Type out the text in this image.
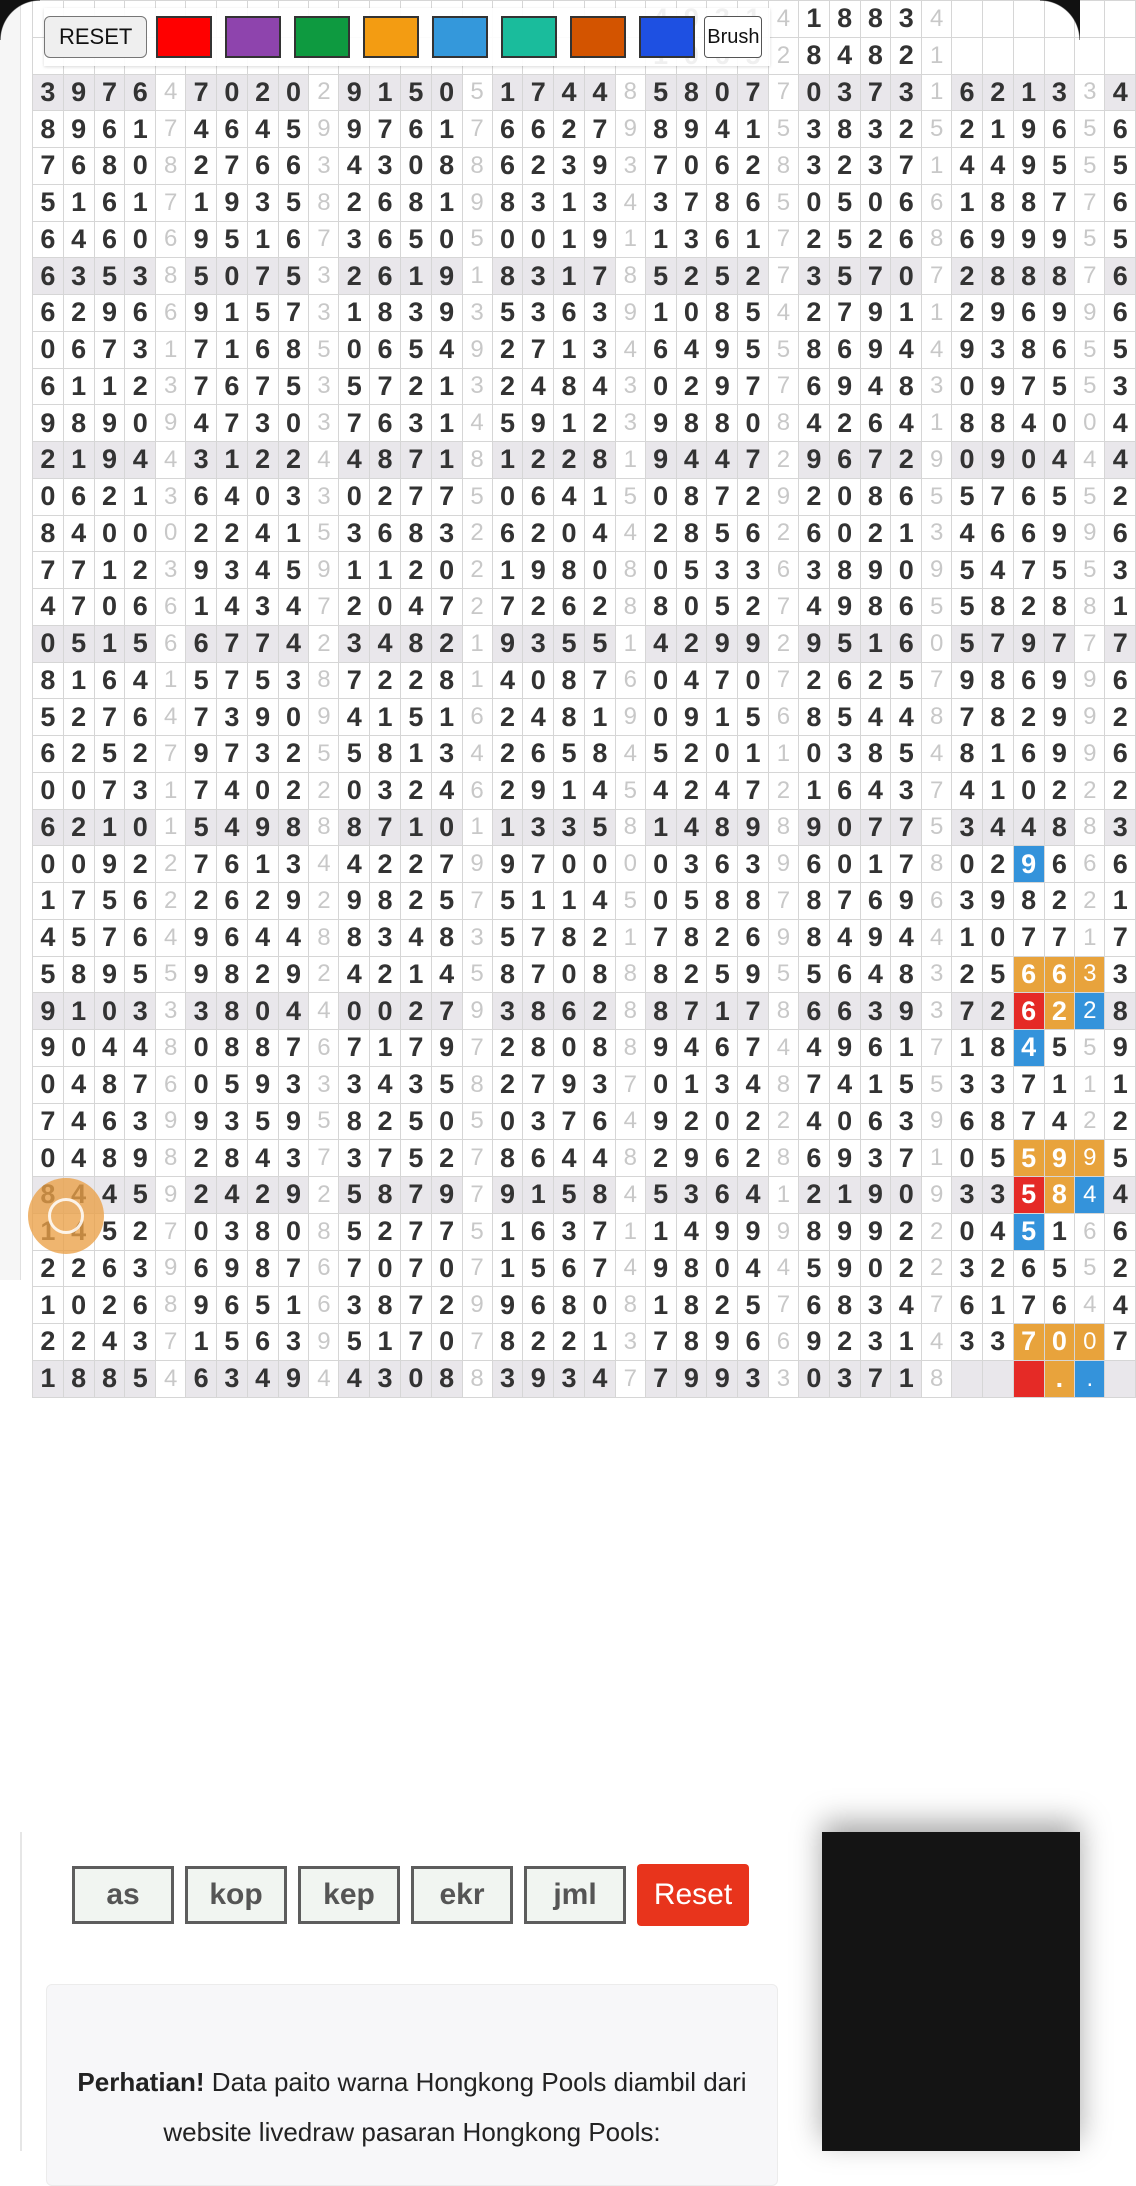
																								4	1	8	8	3	4						
																								2	8	4	8	2	1						
3	9	7	6	4	7	0	2	0	2	9	1	5	0	5	1	7	4	4	8	5	8	0	7	7	0	3	7	3	1	6	2	1	3	3	4
8	9	6	1	7	4	6	4	5	9	9	7	6	1	7	6	6	2	7	9	8	9	4	1	5	3	8	3	2	5	2	1	9	6	5	6
7	6	8	0	8	2	7	6	6	3	4	3	0	8	8	6	2	3	9	3	7	0	6	2	8	3	2	3	7	1	4	4	9	5	5	5
5	1	6	1	7	1	9	3	5	8	2	6	8	1	9	8	3	1	3	4	3	7	8	6	5	0	5	0	6	6	1	8	8	7	7	6
6	4	6	0	6	9	5	1	6	7	3	6	5	0	5	0	0	1	9	1	1	3	6	1	7	2	5	2	6	8	6	9	9	9	5	5
6	3	5	3	8	5	0	7	5	3	2	6	1	9	1	8	3	1	7	8	5	2	5	2	7	3	5	7	0	7	2	8	8	8	7	6
6	2	9	6	6	9	1	5	7	3	1	8	3	9	3	5	3	6	3	9	1	0	8	5	4	2	7	9	1	1	2	9	6	9	9	6
0	6	7	3	1	7	1	6	8	5	0	6	5	4	9	2	7	1	3	4	6	4	9	5	5	8	6	9	4	4	9	3	8	6	5	5
6	1	1	2	3	7	6	7	5	3	5	7	2	1	3	2	4	8	4	3	0	2	9	7	7	6	9	4	8	3	0	9	7	5	5	3
9	8	9	0	9	4	7	3	0	3	7	6	3	1	4	5	9	1	2	3	9	8	8	0	8	4	2	6	4	1	8	8	4	0	0	4
2	1	9	4	4	3	1	2	2	4	4	8	7	1	8	1	2	2	8	1	9	4	4	7	2	9	6	7	2	9	0	9	0	4	4	4
0	6	2	1	3	6	4	0	3	3	0	2	7	7	5	0	6	4	1	5	0	8	7	2	9	2	0	8	6	5	5	7	6	5	5	2
8	4	0	0	0	2	2	4	1	5	3	6	8	3	2	6	2	0	4	4	2	8	5	6	2	6	0	2	1	3	4	6	6	9	9	6
7	7	1	2	3	9	3	4	5	9	1	1	2	0	2	1	9	8	0	8	0	5	3	3	6	3	8	9	0	9	5	4	7	5	5	3
4	7	0	6	6	1	4	3	4	7	2	0	4	7	2	7	2	6	2	8	8	0	5	2	7	4	9	8	6	5	5	8	2	8	8	1
0	5	1	5	6	6	7	7	4	2	3	4	8	2	1	9	3	5	5	1	4	2	9	9	2	9	5	1	6	0	5	7	9	7	7	7
8	1	6	4	1	5	7	5	3	8	7	2	2	8	1	4	0	8	7	6	0	4	7	0	7	2	6	2	5	7	9	8	6	9	9	6
5	2	7	6	4	7	3	9	0	9	4	1	5	1	6	2	4	8	1	9	0	9	1	5	6	8	5	4	4	8	7	8	2	9	9	2
6	2	5	2	7	9	7	3	2	5	5	8	1	3	4	2	6	5	8	4	5	2	0	1	1	0	3	8	5	4	8	1	6	9	9	6
0	0	7	3	1	7	4	0	2	2	0	3	2	4	6	2	9	1	4	5	4	2	4	7	2	1	6	4	3	7	4	1	0	2	2	2
6	2	1	0	1	5	4	9	8	8	8	7	1	0	1	1	3	3	5	8	1	4	8	9	8	9	0	7	7	5	3	4	4	8	8	3
0	0	9	2	2	7	6	1	3	4	4	2	2	7	9	9	7	0	0	0	0	3	6	3	9	6	0	1	7	8	0	2	9	6	6	6
1	7	5	6	2	2	6	2	9	2	9	8	2	5	7	5	1	1	4	5	0	5	8	8	7	8	7	6	9	6	3	9	8	2	2	1
4	5	7	6	4	9	6	4	4	8	8	3	4	8	3	5	7	8	2	1	7	8	2	6	9	8	4	9	4	4	1	0	7	7	1	7
5	8	9	5	5	9	8	2	9	2	4	2	1	4	5	8	7	0	8	8	8	2	5	9	5	5	6	4	8	3	2	5	6	6	3	3
9	1	0	3	3	3	8	0	4	4	0	0	2	7	9	3	8	6	2	8	8	7	1	7	8	6	6	3	9	3	7	2	6	2	2	8
9	0	4	4	8	0	8	8	7	6	7	1	7	9	7	2	8	0	8	8	9	4	6	7	4	4	9	6	1	7	1	8	4	5	5	9
0	4	8	7	6	0	5	9	3	3	3	4	3	5	8	2	7	9	3	7	0	1	3	4	8	7	4	1	5	5	3	3	7	1	1	1
7	4	6	3	9	9	3	5	9	5	8	2	5	0	5	0	3	7	6	4	9	2	0	2	2	4	0	6	3	9	6	8	7	4	2	2
0	4	8	9	8	2	8	4	3	7	3	7	5	2	7	8	6	4	4	8	2	9	6	2	8	6	9	3	7	1	0	5	5	9	9	5
		4	5	9	2	4	2	9	2	5	8	7	9	7	9	1	5	8	4	5	3	6	4	1	2	1	9	0	9	3	3	5	8	4	4
		5	2	7	0	3	8	0	8	5	2	7	7	5	1	6	3	7	1	1	4	9	9	9	8	9	9	2	2	0	4	5	1	6	6
2	2	6	3	9	6	9	8	7	6	7	0	7	0	7	1	5	6	7	4	9	8	0	4	4	5	9	0	2	2	3	2	6	5	5	2
1	0	2	6	8	9	6	5	1	6	3	8	7	2	9	9	6	8	0	8	1	8	2	5	7	6	8	3	4	7	6	1	7	6	4	4
2	2	4	3	7	1	5	6	3	9	5	1	7	0	7	8	2	2	1	3	7	8	9	6	6	9	2	3	1	4	3	3	7	0	0	7
1	8	8	5	4	6	3	4	9	4	4	3	0	8	8	3	9	3	4	7	7	9	9	3	3	0	3	7	1	8				.	.	
RESET	Brush
as	kop	kep	ekr	jml	Reset

Perhatian! Data paito warna Hongkong Pools diambil dari website livedraw pasaran Hongkong Pools:
